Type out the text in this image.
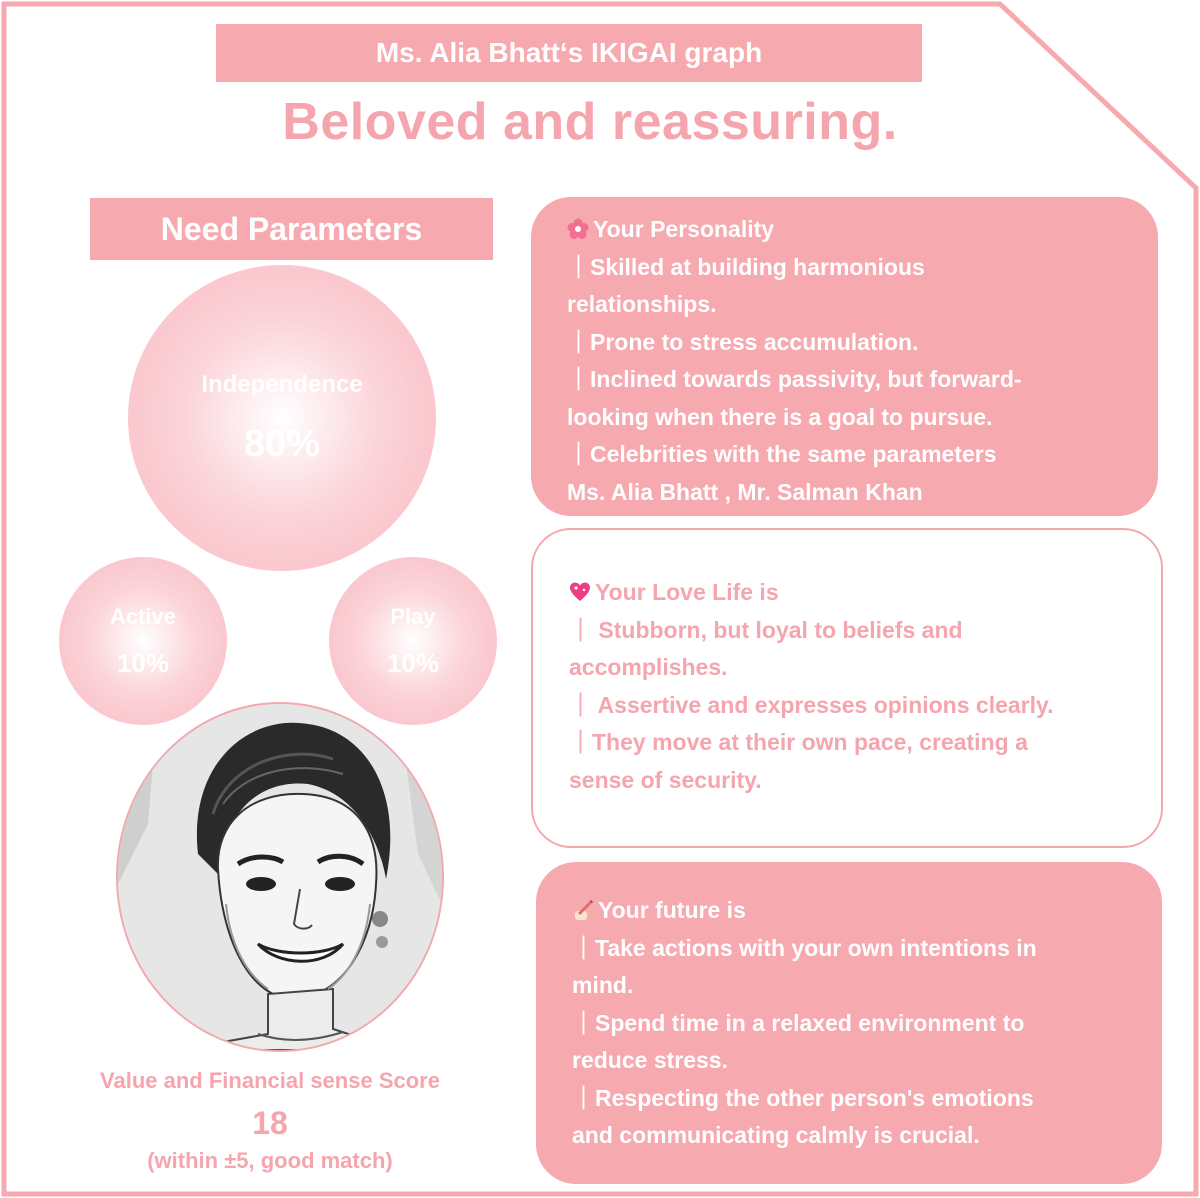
Ms. Alia Bhatt‘s IKIGAI graph
Beloved and reassuring.
Need Parameters
Independence
80%
Active
10%
Play
10%
Value and Financial sense Score
18
(within ±5, good match)
Your Personality
｜Skilled at building harmonious
relationships.
｜Prone to stress accumulation.
｜Inclined towards passivity, but forward-
looking when there is a goal to pursue.
｜Celebrities with the same parameters
Ms. Alia Bhatt , Mr. Salman Khan
Your Love Life is
｜ Stubborn, but loyal to beliefs and
accomplishes.
｜ Assertive and expresses opinions clearly.
｜They move at their own pace, creating a
sense of security.
Your future is
｜Take actions with your own intentions in
mind.
｜Spend time in a relaxed environment to
reduce stress.
｜Respecting the other person's emotions
and communicating calmly is crucial.
